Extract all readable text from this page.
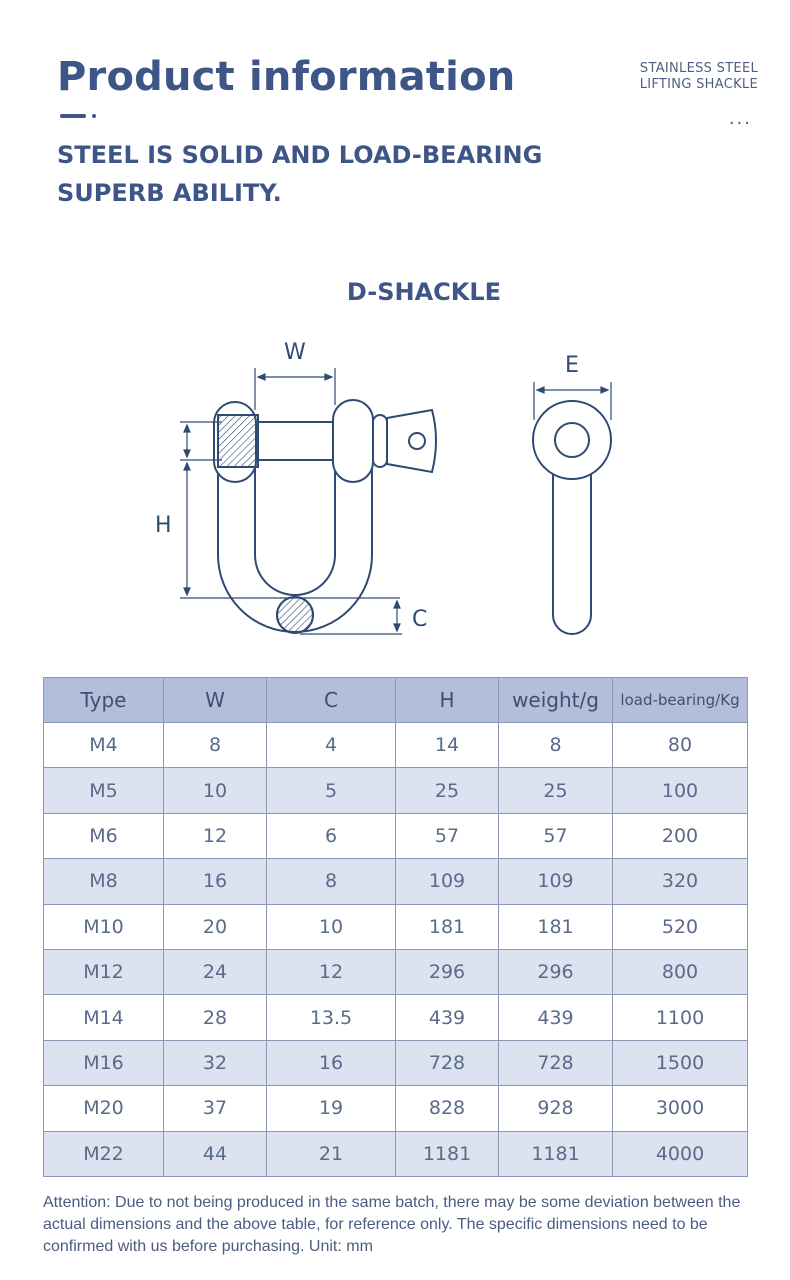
Product information	STAINLESS STEEL
LIFTING SHACKLE
...
STEEL IS SOLID AND LOAD-BEARING
SUPERB ABILITY.
D-SHACKLE
W
H
C
E
Type	W	C	H	weight/g	load-bearing/Kg
M4	8	4	14	8	80
M5	10	5	25	25	100
M6	12	6	57	57	200
M8	16	8	109	109	320
M10	20	10	181	181	520
M12	24	12	296	296	800
M14	28	13.5	439	439	1100
M16	32	16	728	728	1500
M20	37	19	828	928	3000
M22	44	21	1181	1181	4000
Attention: Due to not being produced in the same batch, there may be some deviation between the actual dimensions and the above table, for reference only. The specific dimensions need to be confirmed with us before purchasing. Unit: mm
